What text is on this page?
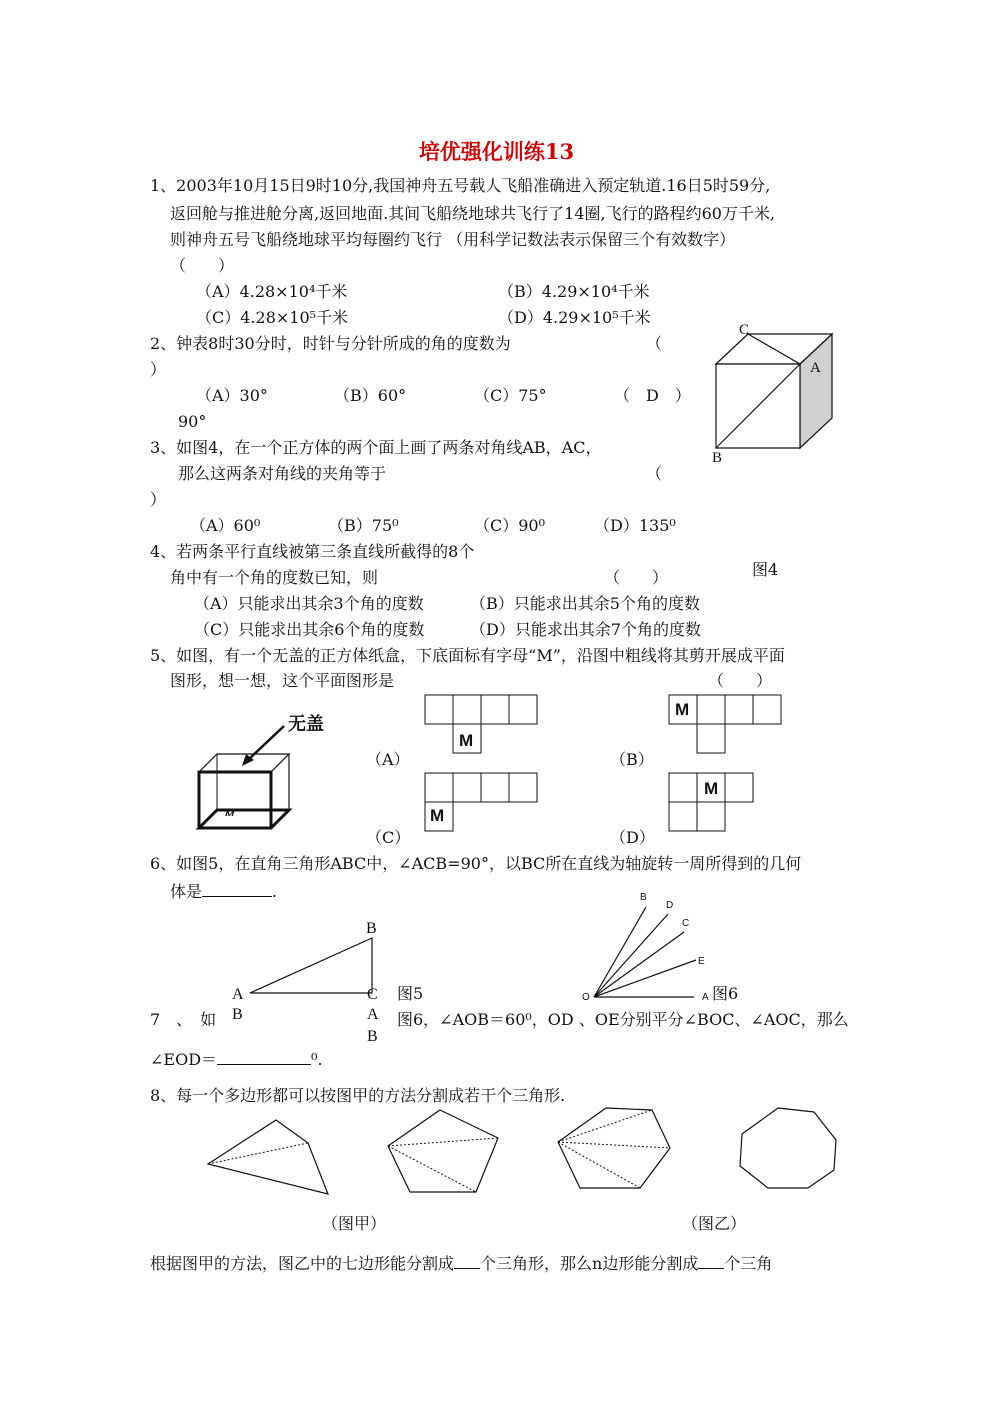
培优强化训练13
1、2003年10月15日9时10分,我国神舟五号载人飞船准确进入预定轨道.16日5时59分,
返回舱与推进舱分离,返回地面.其间飞船绕地球共飞行了14圈,飞行的路程约60万千米,
则神舟五号飞船绕地球平均每圈约飞行 （用科学记数法表示保留三个有效数字）
（　　）
（A）4.28×10⁴千米	（B）4.29×10⁴千米
（C）4.28×10⁵千米	（D）4.29×10⁵千米
2、钟表8时30分时，时针与分针所成的角的度数为	（
）
（A）30°	（B）60°	（C）75°	（　D　）
90°
3、如图4，在一个正方体的两个面上画了两条对角线AB，AC，
那么这两条对角线的夹角等于	（
）
（A）60⁰	（B）75⁰	（C）90⁰	（D）135⁰
C
A
B
图4
4、若两条平行直线被第三条直线所截得的8个
角中有一个角的度数已知，则	（　　）
（A）只能求出其余3个角的度数	（B）只能求出其余5个角的度数
（C）只能求出其余6个角的度数	（D）只能求出其余7个角的度数
5、如图，有一个无盖的正方体纸盒，下底面标有字母“M”，沿图中粗线将其剪开展成平面
图形，想一想，这个平面图形是	（　　）
无盖
M
M
M
（A）	（B）
M
M
（C）	（D）
6、如图5，在直角三角形ABC中，∠ACB=90°，以BC所在直线为轴旋转一周所得到的几何
体是	.
B
A	C 图5
B	A
B
B
D
C
E
O	A 图6
7　、　如	图6，∠AOB＝60⁰，OD 、OE分别平分∠BOC、∠AOC，那么
∠EOD＝	⁰.
8、每一个多边形都可以按图甲的方法分割成若干个三角形.
（图甲）	（图乙）
根据图甲的方法，图乙中的七边形能分割成 个三角形，那么n边形能分割成 个三角
